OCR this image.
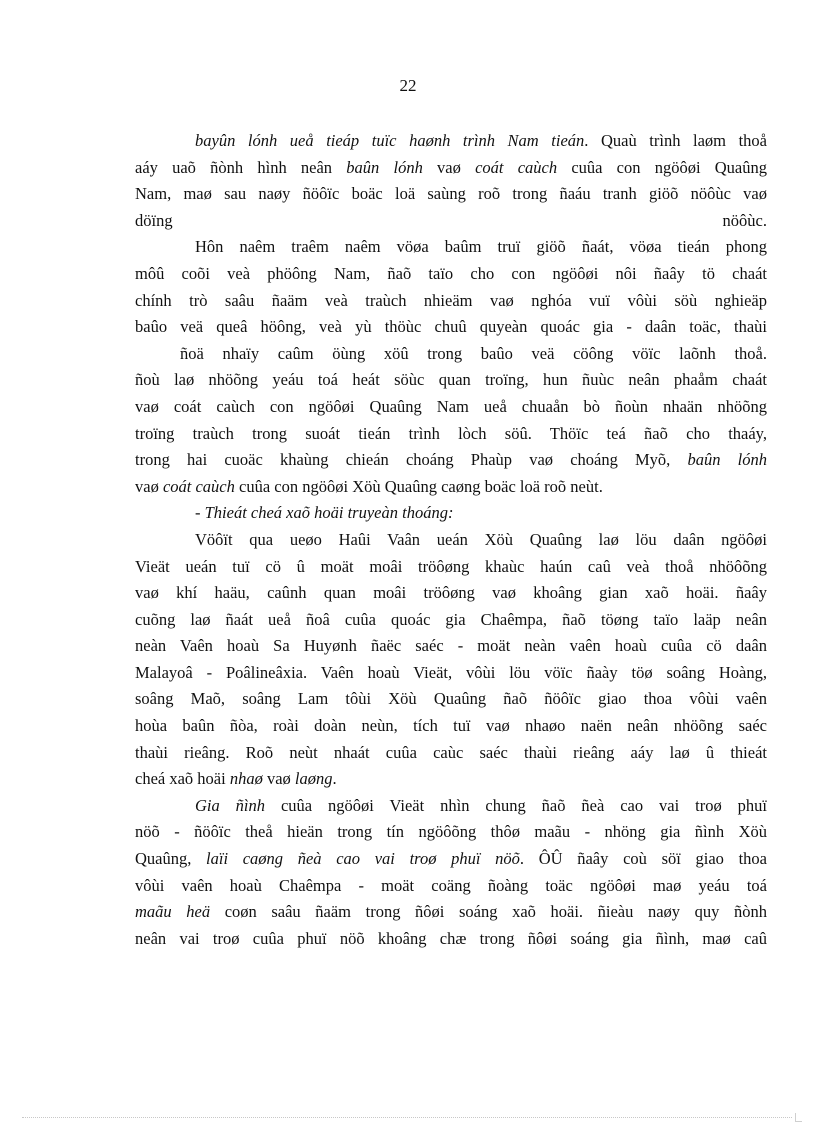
22
bayûn lónh ueå tieáp tuïc haønh trình Nam tieán. Quaù trình laøm thoå
aáy uaõ ñònh hình neân baûn lónh vaø coát caùch cuûa con ngöôøi Quaûng
Nam, maø sau naøy ñöôïc boäc loä saùng roõ trong ñaáu tranh giöõ nöôùc vaø
döïng	nöôùc.
Hôn naêm traêm naêm vöøa baûm truï giöõ ñaát, vöøa tieán phong
môû coõi veà phöông Nam, ñaõ taïo cho con ngöôøi nôi ñaây tö chaát
chính trò saâu ñaäm veà traùch nhieäm vaø nghóa vuï vôùi söù nghieäp
baûo veä queâ höông, veà yù thöùc chuû quyeàn quoác gia - daân toäc, thaùi
ñoä nhaïy caûm öùng xöû trong baûo veä cöông vöïc laõnh thoå.
ñoù laø nhöõng yeáu toá heát söùc quan troïng, hun ñuùc neân phaåm chaát
vaø coát caùch con ngöôøi Quaûng Nam ueå chuaån bò ñoùn nhaän nhöõng
troïng traùch trong suoát tieán trình lòch söû. Thöïc teá ñaõ cho thaáy,
trong hai cuoäc khaùng chieán choáng Phaùp vaø choáng Myõ, baûn lónh
vaø coát caùch cuûa con ngöôøi Xöù Quaûng caøng boäc loä roõ neùt.
- Thieát cheá xaõ hoäi truyeàn thoáng:
Vöôït qua ueøo Haûi Vaân ueán Xöù Quaûng laø löu daân ngöôøi
Vieät ueán tuï cö û moät moâi tröôøng khaùc haún caû veà thoå nhöôõng
vaø khí haäu, caûnh quan moâi tröôøng vaø khoâng gian xaõ hoäi. ñaây
cuõng laø ñaát ueå ñoâ cuûa quoác gia Chaêmpa, ñaõ töøng taïo laäp neân
neàn Vaên hoaù Sa Huyønh ñaëc saéc - moät neàn vaên hoaù cuûa cö daân
Malayoâ - Poâlineâxia. Vaên hoaù Vieät, vôùi löu vöïc ñaày töø soâng Hoàng,
soâng Maõ, soâng Lam tôùi Xöù Quaûng ñaõ ñöôïc giao thoa vôùi vaên
hoùa baûn ñòa, roài doàn neùn, tích tuï vaø nhaøo naën neân nhöõng saéc
thaùi rieâng. Roõ neùt nhaát cuûa caùc saéc thaùi rieâng aáy laø û thieát
cheá xaõ hoäi nhaø vaø laøng.
Gia ñình cuûa ngöôøi Vieät nhìn chung ñaõ ñeà cao vai troø phuï
nöõ - ñöôïc theå hieän trong tín ngöôõng thôø maãu - nhöng gia ñình Xöù
Quaûng, laïi caøng ñeà cao vai troø phuï nöõ. ÔÛ ñaây coù söï giao thoa
vôùi vaên hoaù Chaêmpa - moät coäng ñoàng toäc ngöôøi maø yeáu toá
maãu heä coøn saâu ñaäm trong ñôøi soáng xaõ hoäi. ñieàu naøy quy ñònh
neân vai troø cuûa phuï nöõ khoâng chæ trong ñôøi soáng gia ñình, maø caû
